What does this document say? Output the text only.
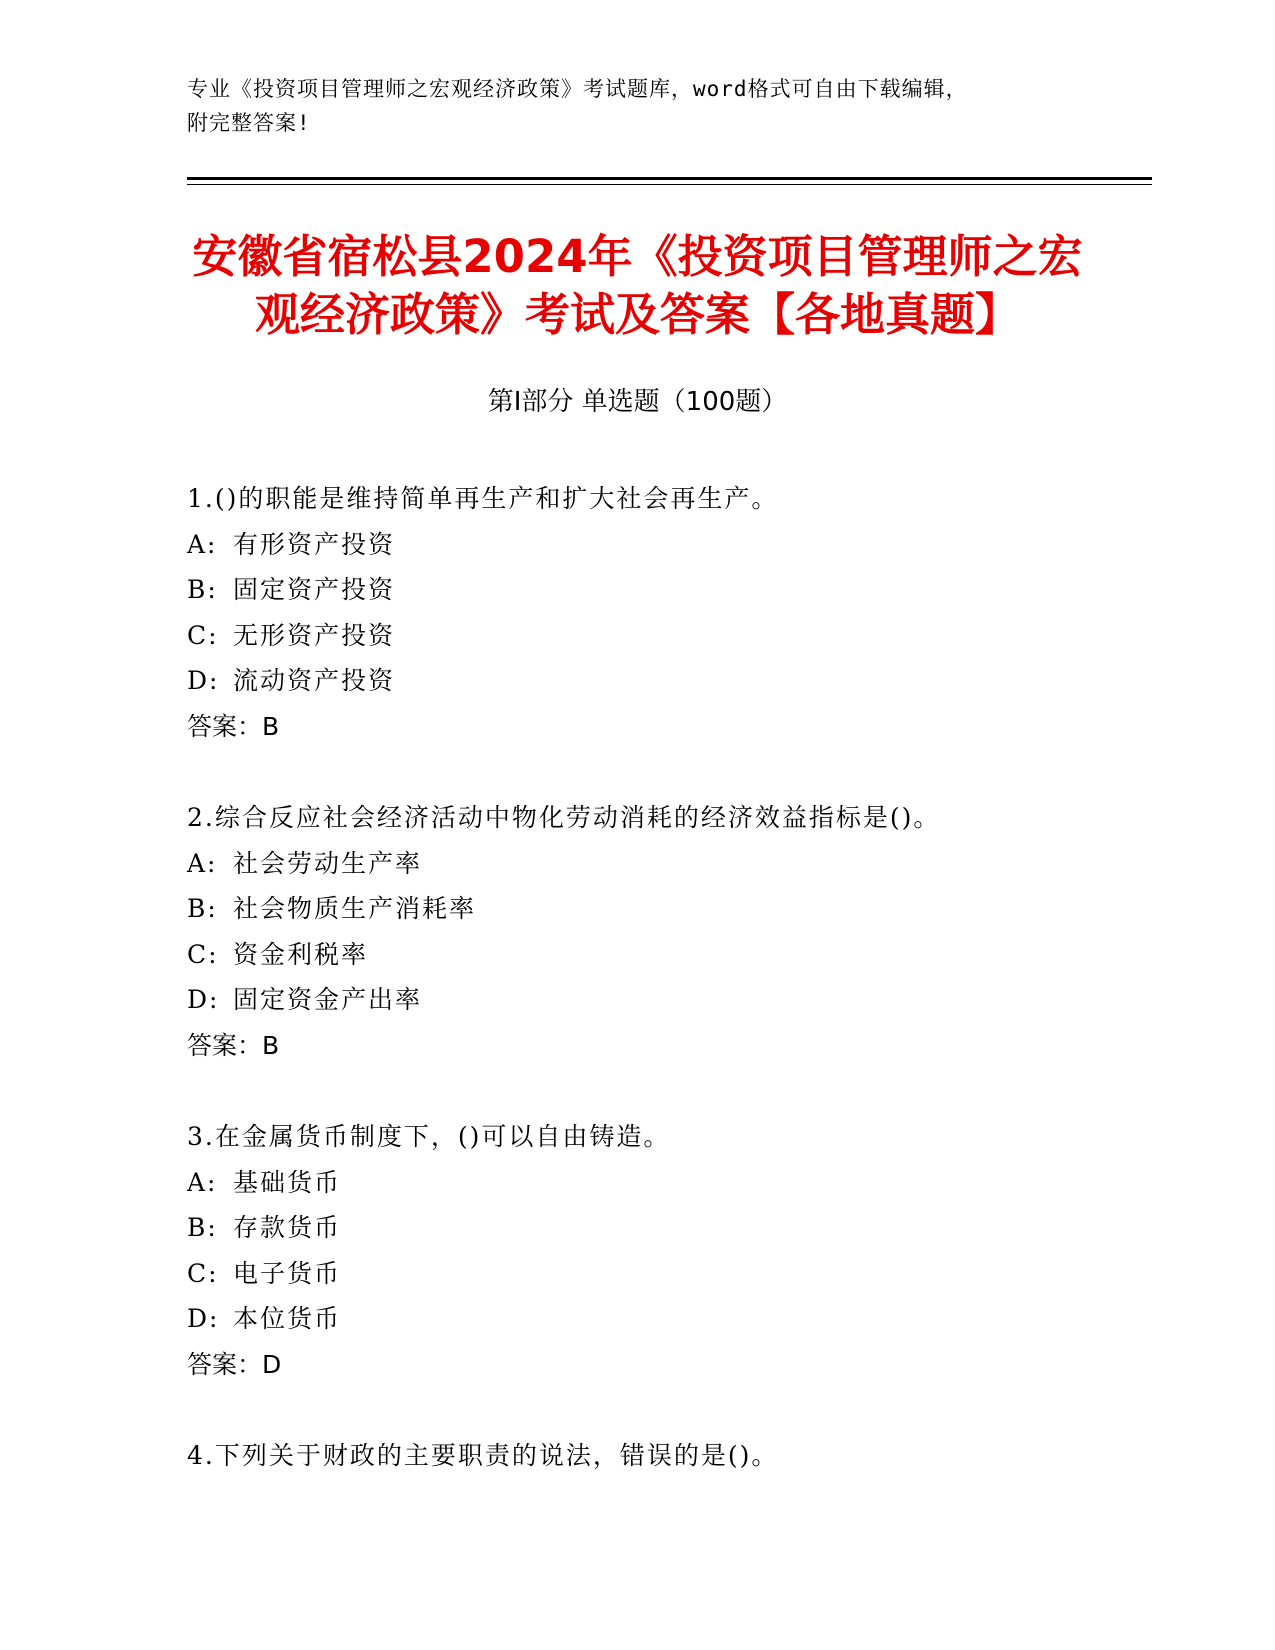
专业《投资项目管理师之宏观经济政策》考试题库，word格式可自由下载编辑，
附完整答案!
安徽省宿松县2024年《投资项目管理师之宏
观经济政策》考试及答案【各地真题】
第Ⅰ部分 单选题（100题）
1.()的职能是维持简单再生产和扩大社会再生产。
A: 有形资产投资
B: 固定资产投资
C: 无形资产投资
D: 流动资产投资
答案：B
2.综合反应社会经济活动中物化劳动消耗的经济效益指标是()。
A: 社会劳动生产率
B: 社会物质生产消耗率
C: 资金利税率
D: 固定资金产出率
答案：B
3.在金属货币制度下，()可以自由铸造。
A: 基础货币
B: 存款货币
C: 电子货币
D: 本位货币
答案：D
4.下列关于财政的主要职责的说法，错误的是()。
